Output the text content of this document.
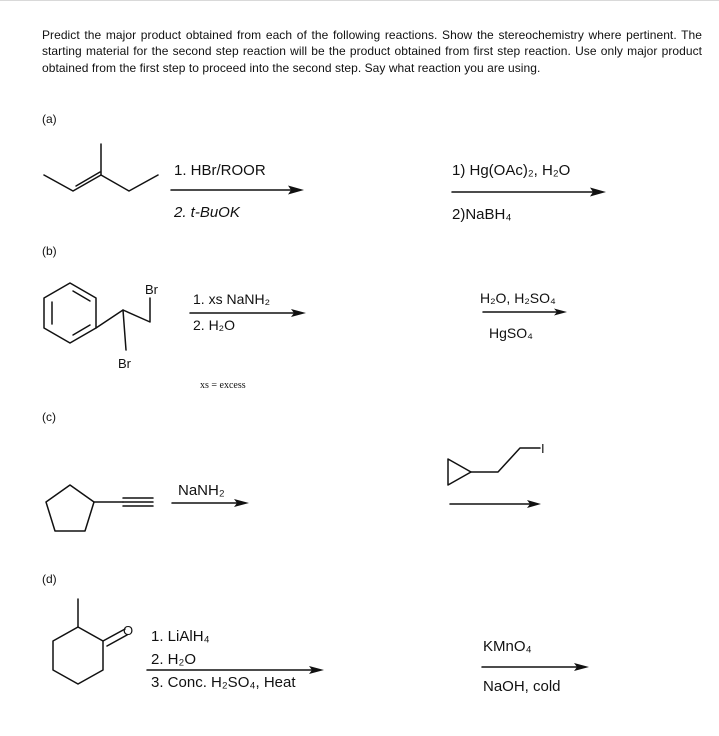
Predict the major product obtained from each of the following reactions. Show the stereochemistry where pertinent. The starting material for the second step reaction will be the product obtained from first step reaction. Use only major product obtained from the first step to proceed into the second step. Say what reaction you are using.
(a)
(b)
(c)
(d)
1. HBr/ROOR
2. t-BuOK
1) Hg(OAc)₂, H₂O
2)NaBH₄
Br
Br
1. xs NaNH₂
2. H₂O
xs = excess
H₂O, H₂SO₄
HgSO₄
NaNH₂
I
O 1. LiAlH₄
2. H₂O
3. Conc. H₂SO₄, Heat
KMnO₄
NaOH, cold
